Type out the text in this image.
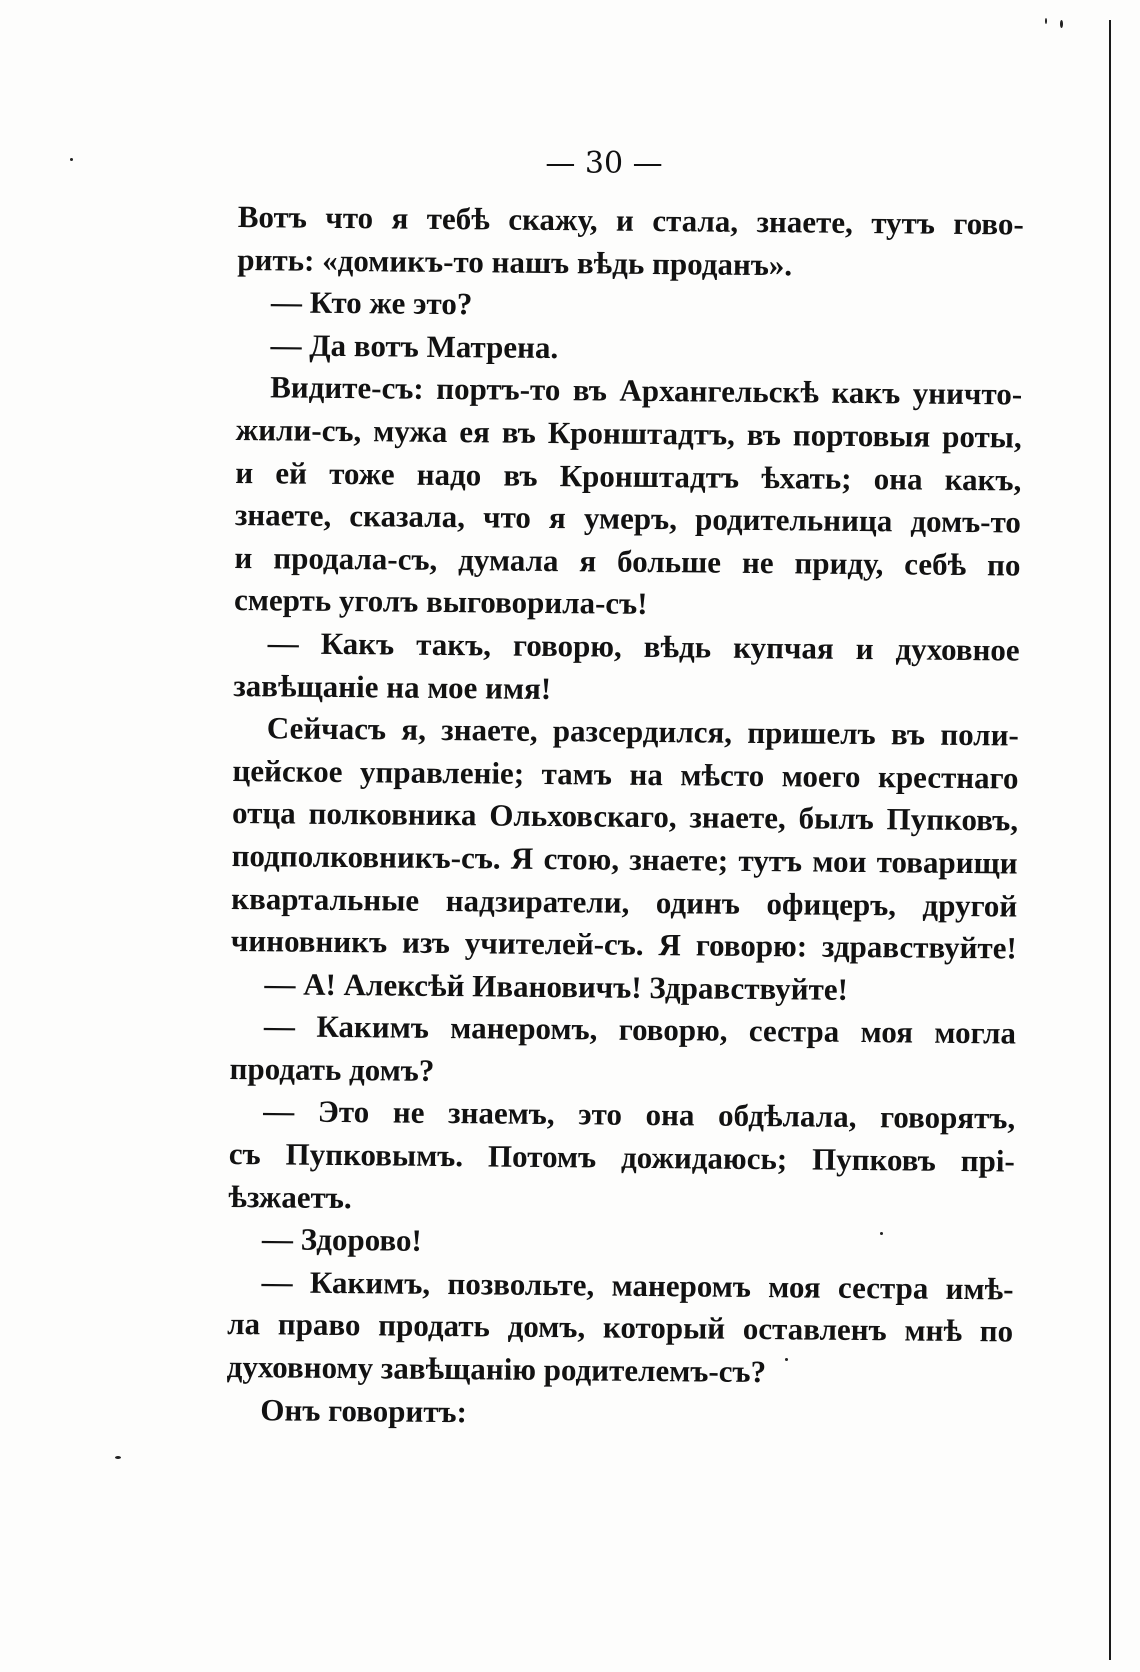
— 30 —
Вотъ что я тебѣ скажу, и стала, знаете, тутъ гово-
рить: «домикъ-то нашъ вѣдь проданъ».
— Кто же это?
— Да вотъ Матрена.
Видите-съ: портъ-то въ Архангельскѣ какъ уничто-
жили-съ, мужа ея въ Кронштадтъ, въ портовыя роты,
и ей тоже надо въ Кронштадтъ ѣхать; она какъ,
знаете, сказала, что я умеръ, родительница домъ-то
и продала-съ, думала я больше не приду, себѣ по
смерть уголъ выговорила-съ!
— Какъ такъ, говорю, вѣдь купчая и духовное
завѣщаніе на мое имя!
Сейчасъ я, знаете, разсердился, пришелъ въ поли-
цейское управленіе; тамъ на мѣсто моего крестнаго
отца полковника Ольховскаго, знаете, былъ Пупковъ,
подполковникъ-съ. Я стою, знаете; тутъ мои товарищи
квартальные надзиратели, одинъ офицеръ, другой
чиновникъ изъ учителей-съ. Я говорю: здравствуйте!
— А! Алексѣй Ивановичъ! Здравствуйте!
— Какимъ манеромъ, говорю, сестра моя могла
продать домъ?
— Это не знаемъ, это она обдѣлала, говорятъ,
съ Пупковымъ. Потомъ дожидаюсь; Пупковъ прі-
ѣзжаетъ.
— Здорово!
— Какимъ, позвольте, манеромъ моя сестра имѣ-
ла право продать домъ, который оставленъ мнѣ по
духовному завѣщанію родителемъ-съ?
Онъ говоритъ:
